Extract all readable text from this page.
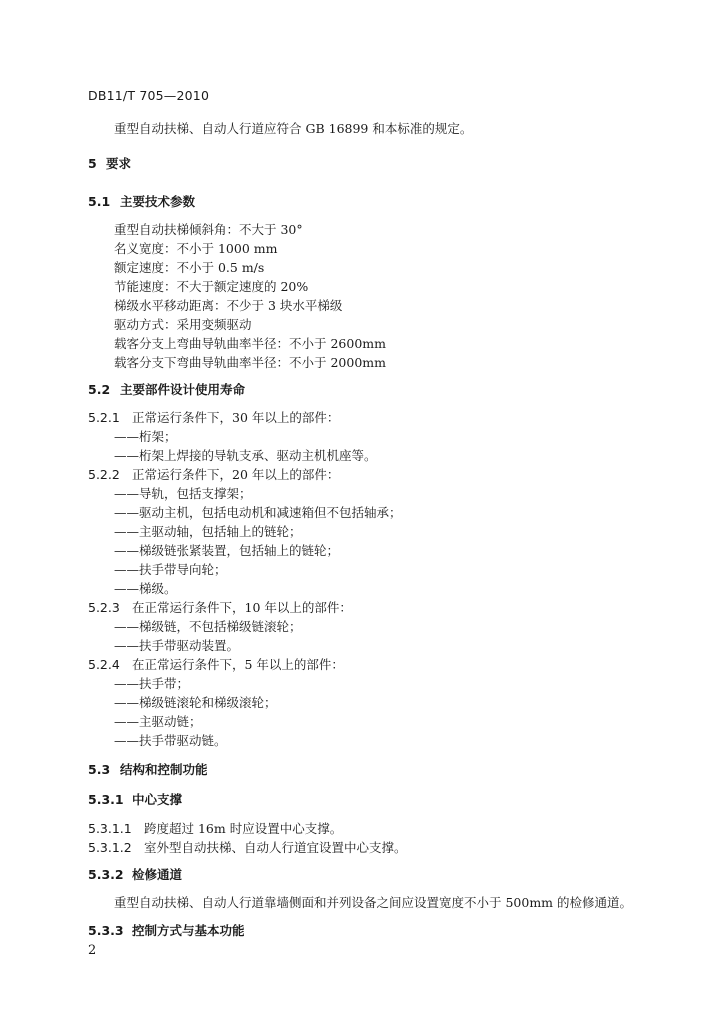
DB11/T 705—2010
重型自动扶梯、自动人行道应符合 GB 16899 和本标准的规定。
5 要求
5.1 主要技术参数
重型自动扶梯倾斜角：不大于 30°
名义宽度：不小于 1000 mm
额定速度：不小于 0.5 m/s
节能速度：不大于额定速度的 20%
梯级水平移动距离：不少于 3 块水平梯级
驱动方式：采用变频驱动
载客分支上弯曲导轨曲率半径：不小于 2600mm
载客分支下弯曲导轨曲率半径：不小于 2000mm
5.2 主要部件设计使用寿命
5.2.1 正常运行条件下，30 年以上的部件：
——桁架；
——桁架上焊接的导轨支承、驱动主机机座等。
5.2.2 正常运行条件下，20 年以上的部件：
——导轨，包括支撑架；
——驱动主机，包括电动机和减速箱但不包括轴承；
——主驱动轴，包括轴上的链轮；
——梯级链张紧装置，包括轴上的链轮；
——扶手带导向轮；
——梯级。
5.2.3 在正常运行条件下，10 年以上的部件：
——梯级链，不包括梯级链滚轮；
——扶手带驱动装置。
5.2.4 在正常运行条件下，5 年以上的部件：
——扶手带；
——梯级链滚轮和梯级滚轮；
——主驱动链；
——扶手带驱动链。
5.3 结构和控制功能
5.3.1 中心支撑
5.3.1.1 跨度超过 16m 时应设置中心支撑。
5.3.1.2 室外型自动扶梯、自动人行道宜设置中心支撑。
5.3.2 检修通道
重型自动扶梯、自动人行道靠墙侧面和并列设备之间应设置宽度不小于 500mm 的检修通道。
5.3.3 控制方式与基本功能
2
